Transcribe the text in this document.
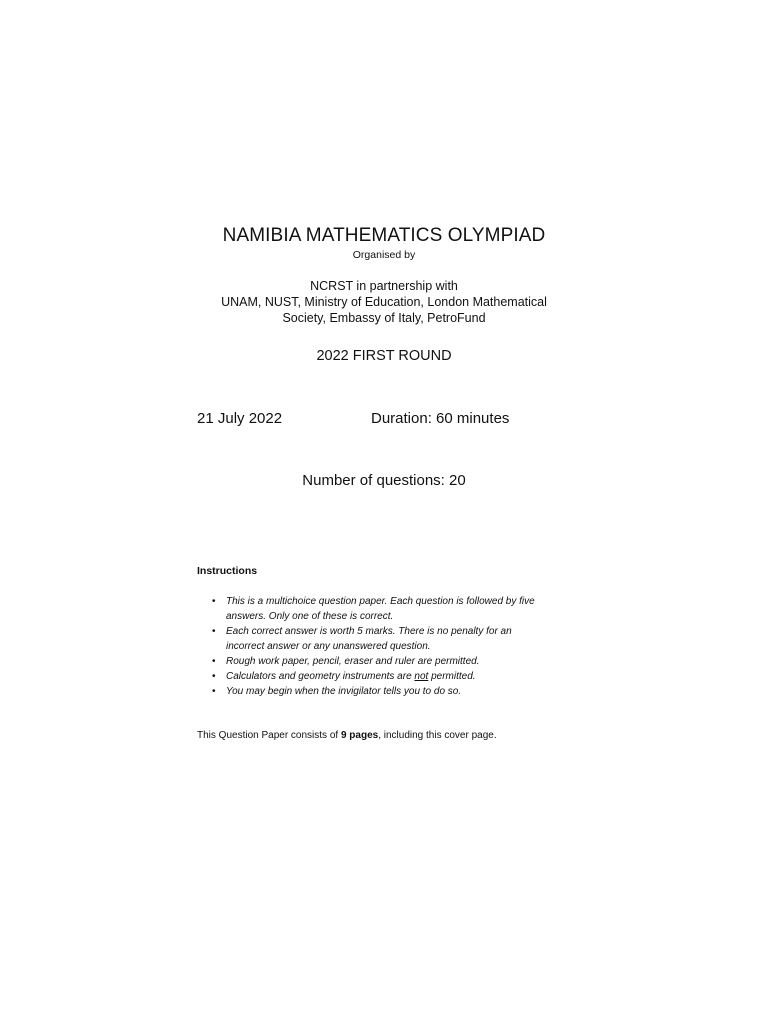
NAMIBIA MATHEMATICS OLYMPIAD
Organised by
NCRST in partnership with
UNAM, NUST, Ministry of Education, London Mathematical
Society, Embassy of Italy, PetroFund
2022 FIRST ROUND
21 July 2022	Duration: 60 minutes
Number of questions: 20
Instructions
• This is a multichoice question paper. Each question is followed by five
answers. Only one of these is correct.
• Each correct answer is worth 5 marks. There is no penalty for an
incorrect answer or any unanswered question.
• Rough work paper, pencil, eraser and ruler are permitted.
• Calculators and geometry instruments are not permitted.
• You may begin when the invigilator tells you to do so.
This Question Paper consists of 9 pages, including this cover page.
